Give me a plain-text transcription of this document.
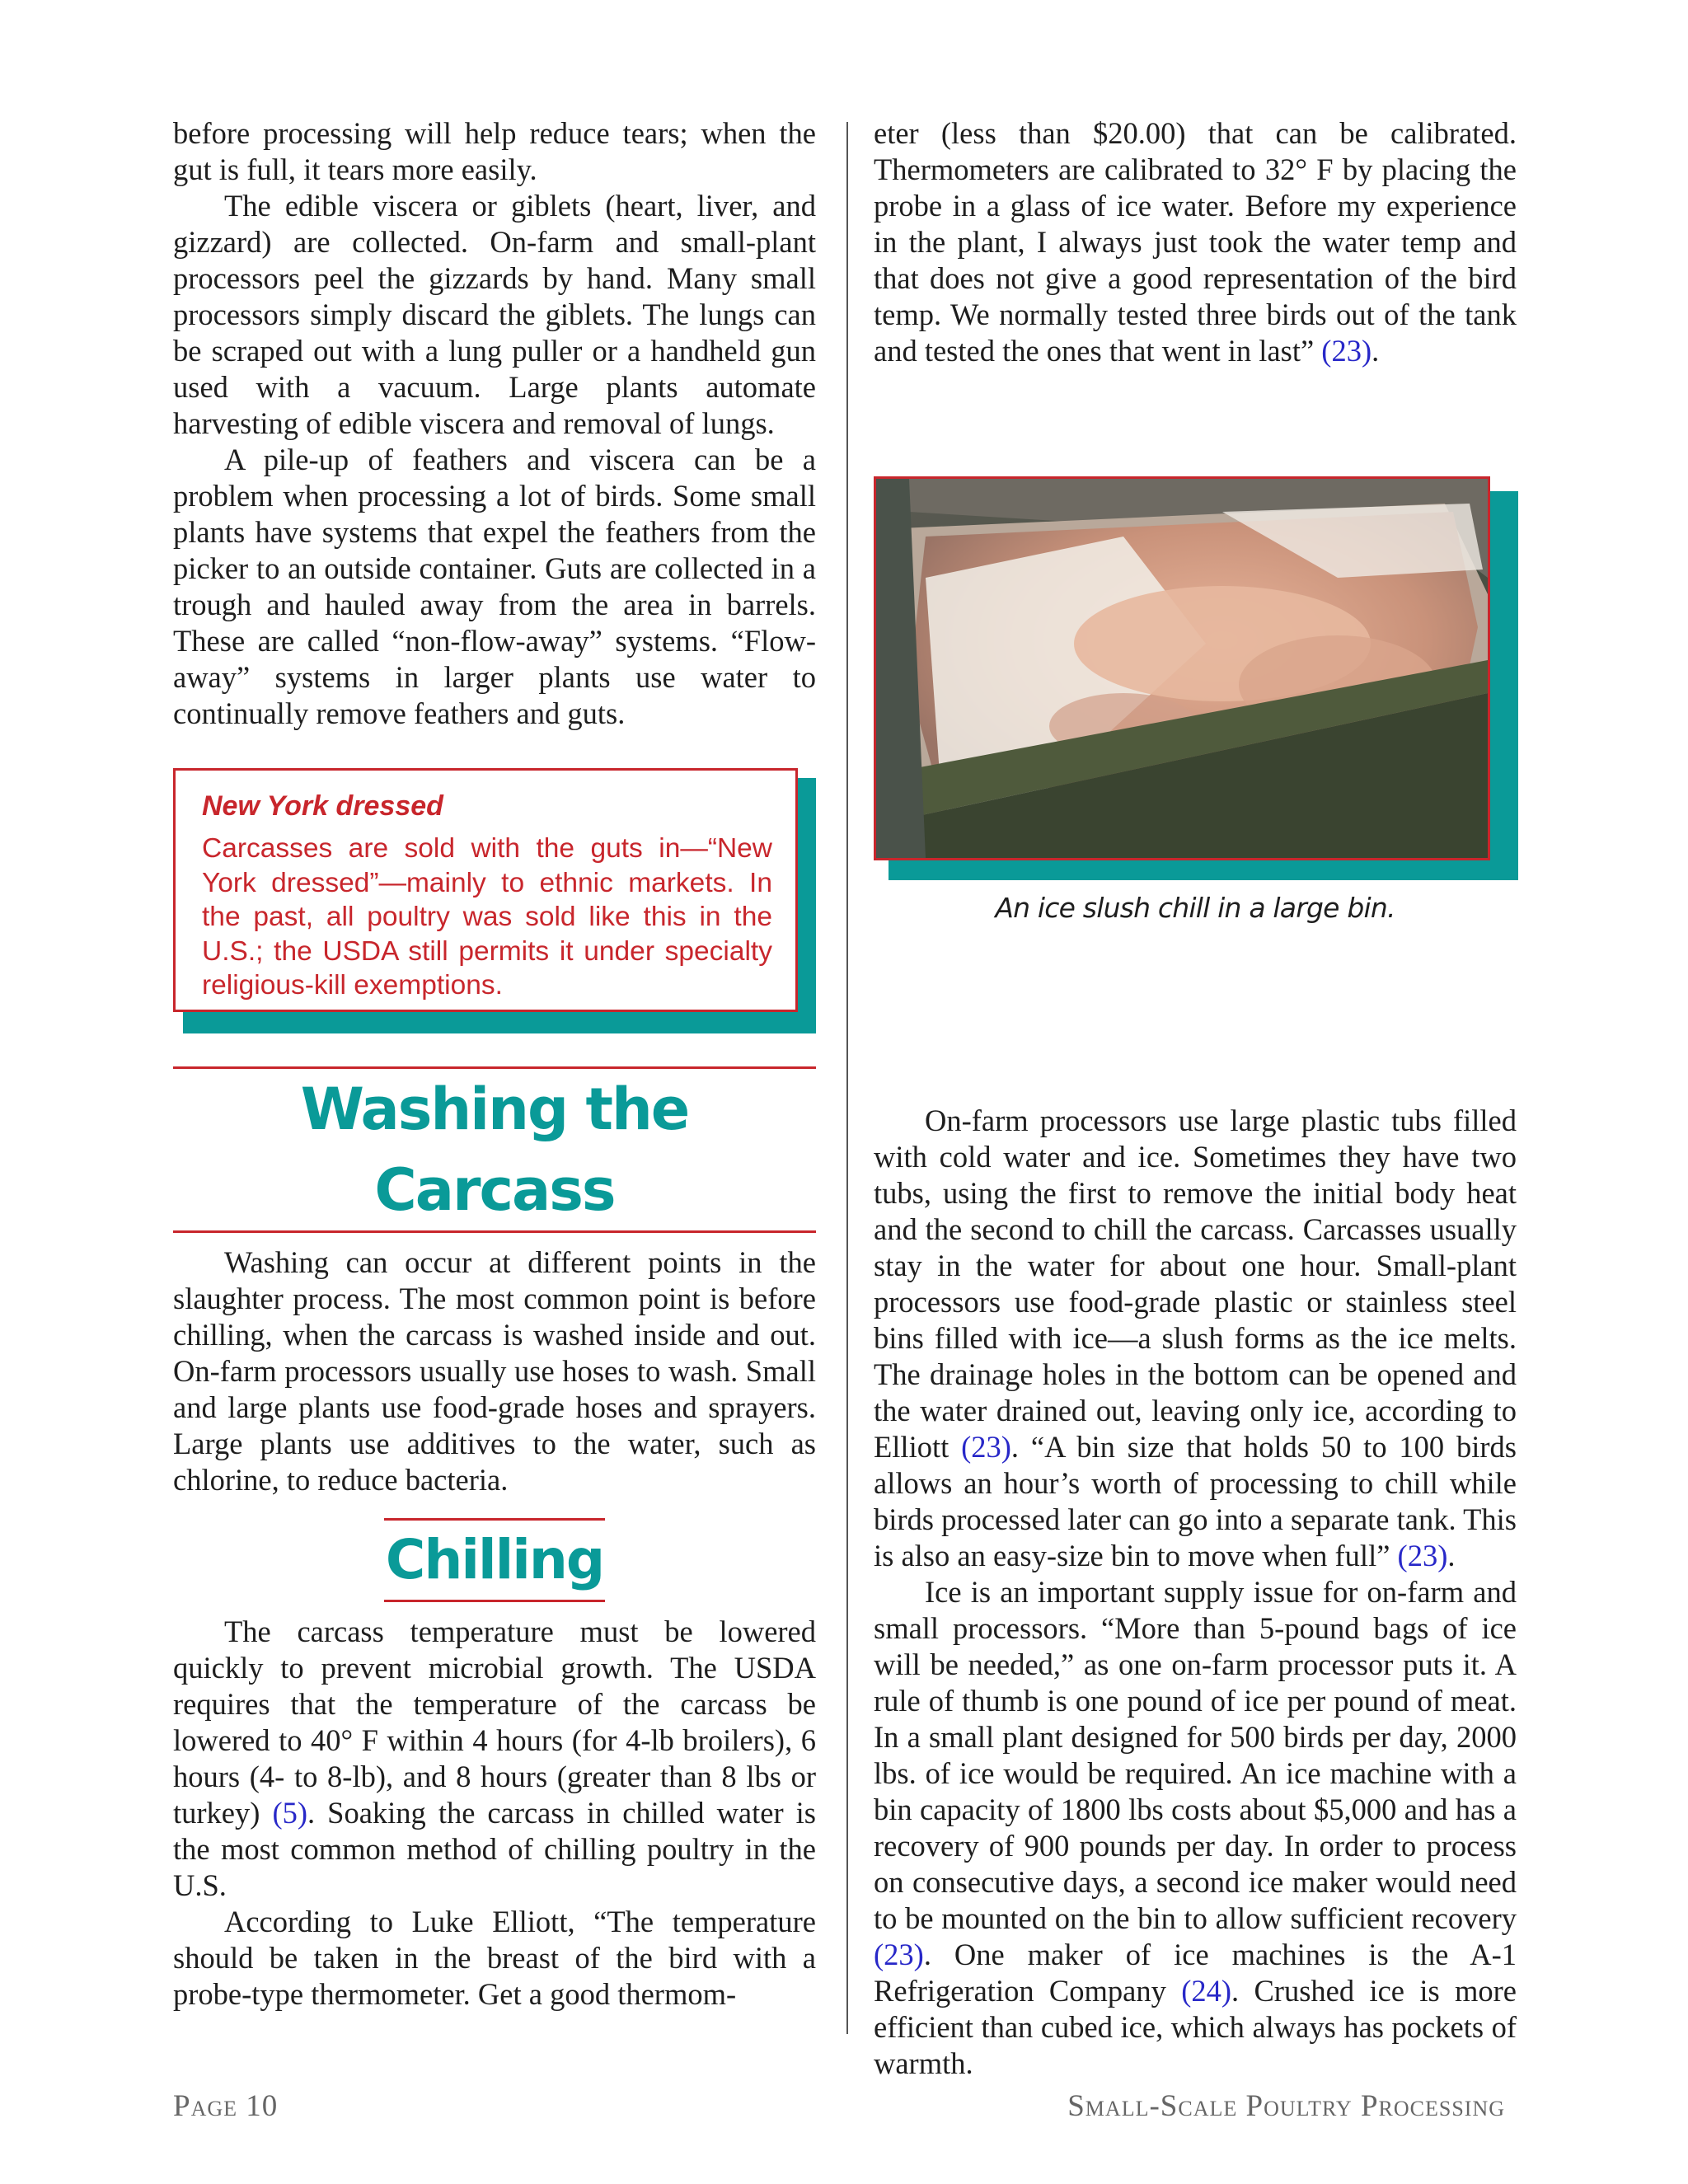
before processing will help reduce tears; when the gut is full, it tears more easily.

The edible viscera or giblets (heart, liver, and gizzard) are collected. On-farm and small-plant processors peel the gizzards by hand. Many small processors simply discard the giblets. The lungs can be scraped out with a lung puller or a handheld gun used with a vacuum. Large plants automate harvesting of edible viscera and removal of lungs.

A pile-up of feathers and viscera can be a problem when processing a lot of birds. Some small plants have systems that expel the feathers from the picker to an outside container. Guts are collected in a trough and hauled away from the area in barrels. These are called “non-flow-away” systems. “Flow-away” systems in larger plants use water to continually remove feathers and guts.

New York dressed
Carcasses are sold with the guts in—“New York dressed”—mainly to ethnic markets. In the past, all poultry was sold like this in the U.S.; the USDA still permits it under specialty religious-kill exemptions.
Washing the Carcass

Washing can occur at different points in the slaughter process. The most common point is before chilling, when the carcass is washed inside and out. On-farm processors usually use hoses to wash. Small and large plants use food-grade hoses and sprayers. Large plants use additives to the water, such as chlorine, to reduce bacteria.

Chilling

The carcass temperature must be lowered quickly to prevent microbial growth. The USDA requires that the temperature of the carcass be lowered to 40° F within 4 hours (for 4-lb broilers), 6 hours (4- to 8-lb), and 8 hours (greater than 8 lbs or turkey) (5). Soaking the carcass in chilled water is the most common method of chilling poultry in the U.S.

According to Luke Elliott, “The temperature should be taken in the breast of the bird with a probe-type thermometer. Get a good thermom-

eter (less than $20.00) that can be calibrated. Thermometers are calibrated to 32° F by placing the probe in a glass of ice water. Before my experience in the plant, I always just took the water temp and that does not give a good representation of the bird temp. We normally tested three birds out of the tank and tested the ones that went in last” (23).

On-farm processors use large plastic tubs filled with cold water and ice. Sometimes they have two tubs, using the first to remove the initial body heat and the second to chill the carcass. Carcasses usually stay in the water for about one hour. Small-plant processors use food-grade plastic or stainless steel bins filled with ice—a slush forms as the ice melts. The drainage holes in the bottom can be opened and the water drained out, leaving only ice, according to Elliott (23). “A bin size that holds 50 to 100 birds allows an hour’s worth of processing to chill while birds processed later can go into a separate tank. This is also an easy-size bin to move when full” (23).

Ice is an important supply issue for on-farm and small processors. “More than 5-pound bags of ice will be needed,” as one on-farm processor puts it. A rule of thumb is one pound of ice per pound of meat. In a small plant designed for 500 birds per day, 2000 lbs. of ice would be required. An ice machine with a bin capacity of 1800 lbs costs about $5,000 and has a recovery of 900 pounds per day. In order to process on consecutive days, a second ice maker would need to be mounted on the bin to allow sufficient recovery (23). One maker of ice machines is the A-1 Refrigeration Company (24). Crushed ice is more efficient than cubed ice, which always has pockets of warmth.

An ice slush chill in a large bin.
Page 10	Small-Scale Poultry Processing
